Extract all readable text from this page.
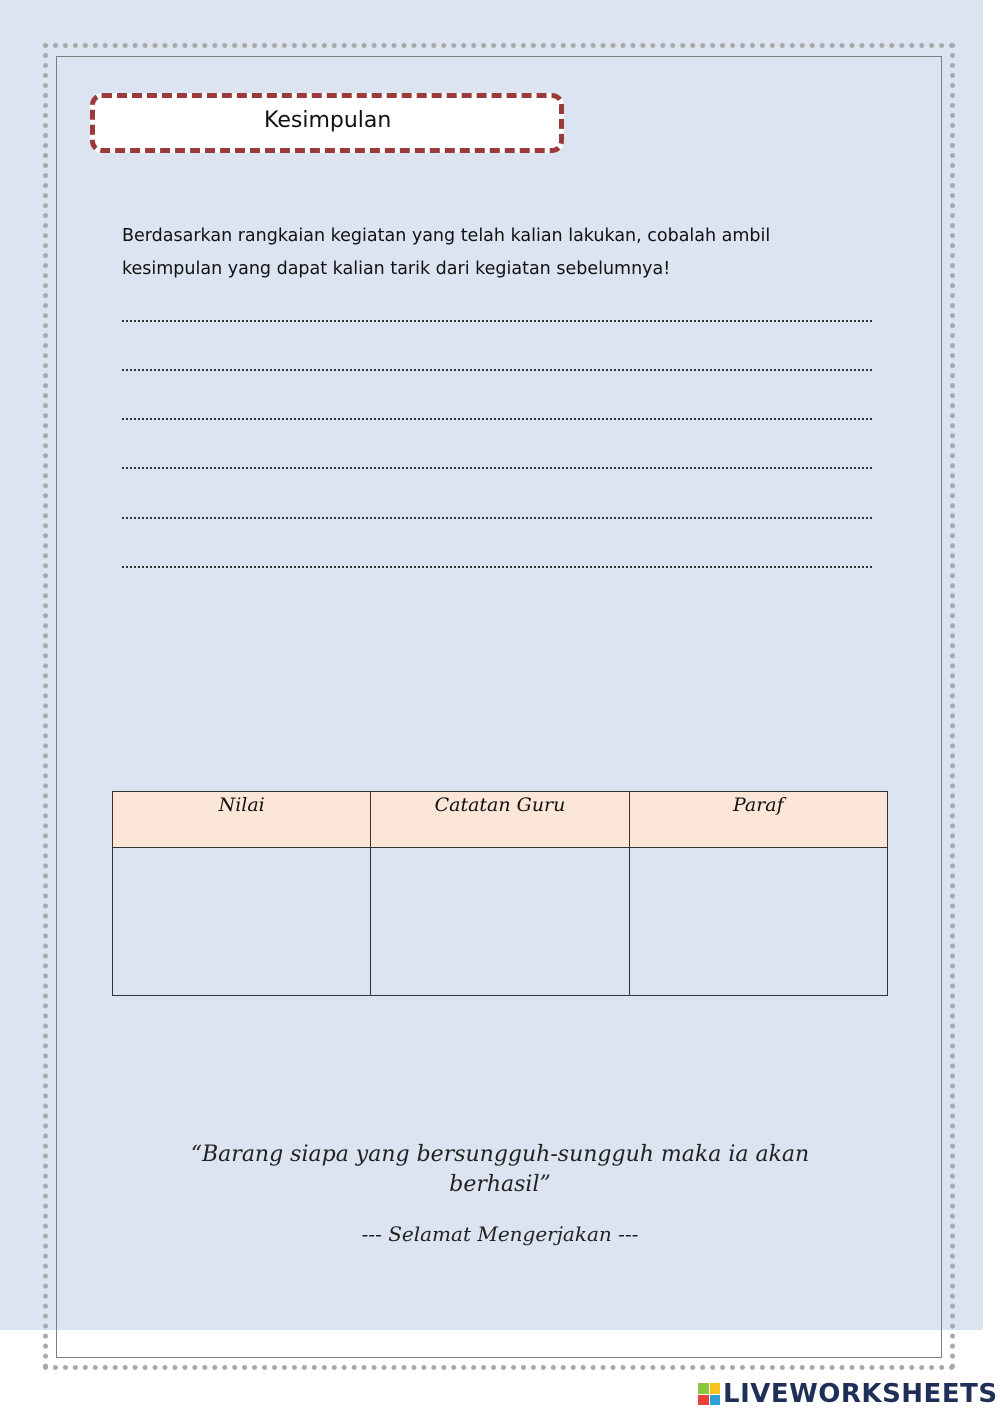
Kesimpulan
Berdasarkan rangkaian kegiatan yang telah kalian lakukan, cobalah ambil kesimpulan yang dapat kalian tarik dari kegiatan sebelumnya!
Nilai	Catatan Guru	Paraf

“Barang siapa yang bersungguh-sungguh maka ia akan berhasil”
--- Selamat Mengerjakan ---
LIVEWORKSHEETS
